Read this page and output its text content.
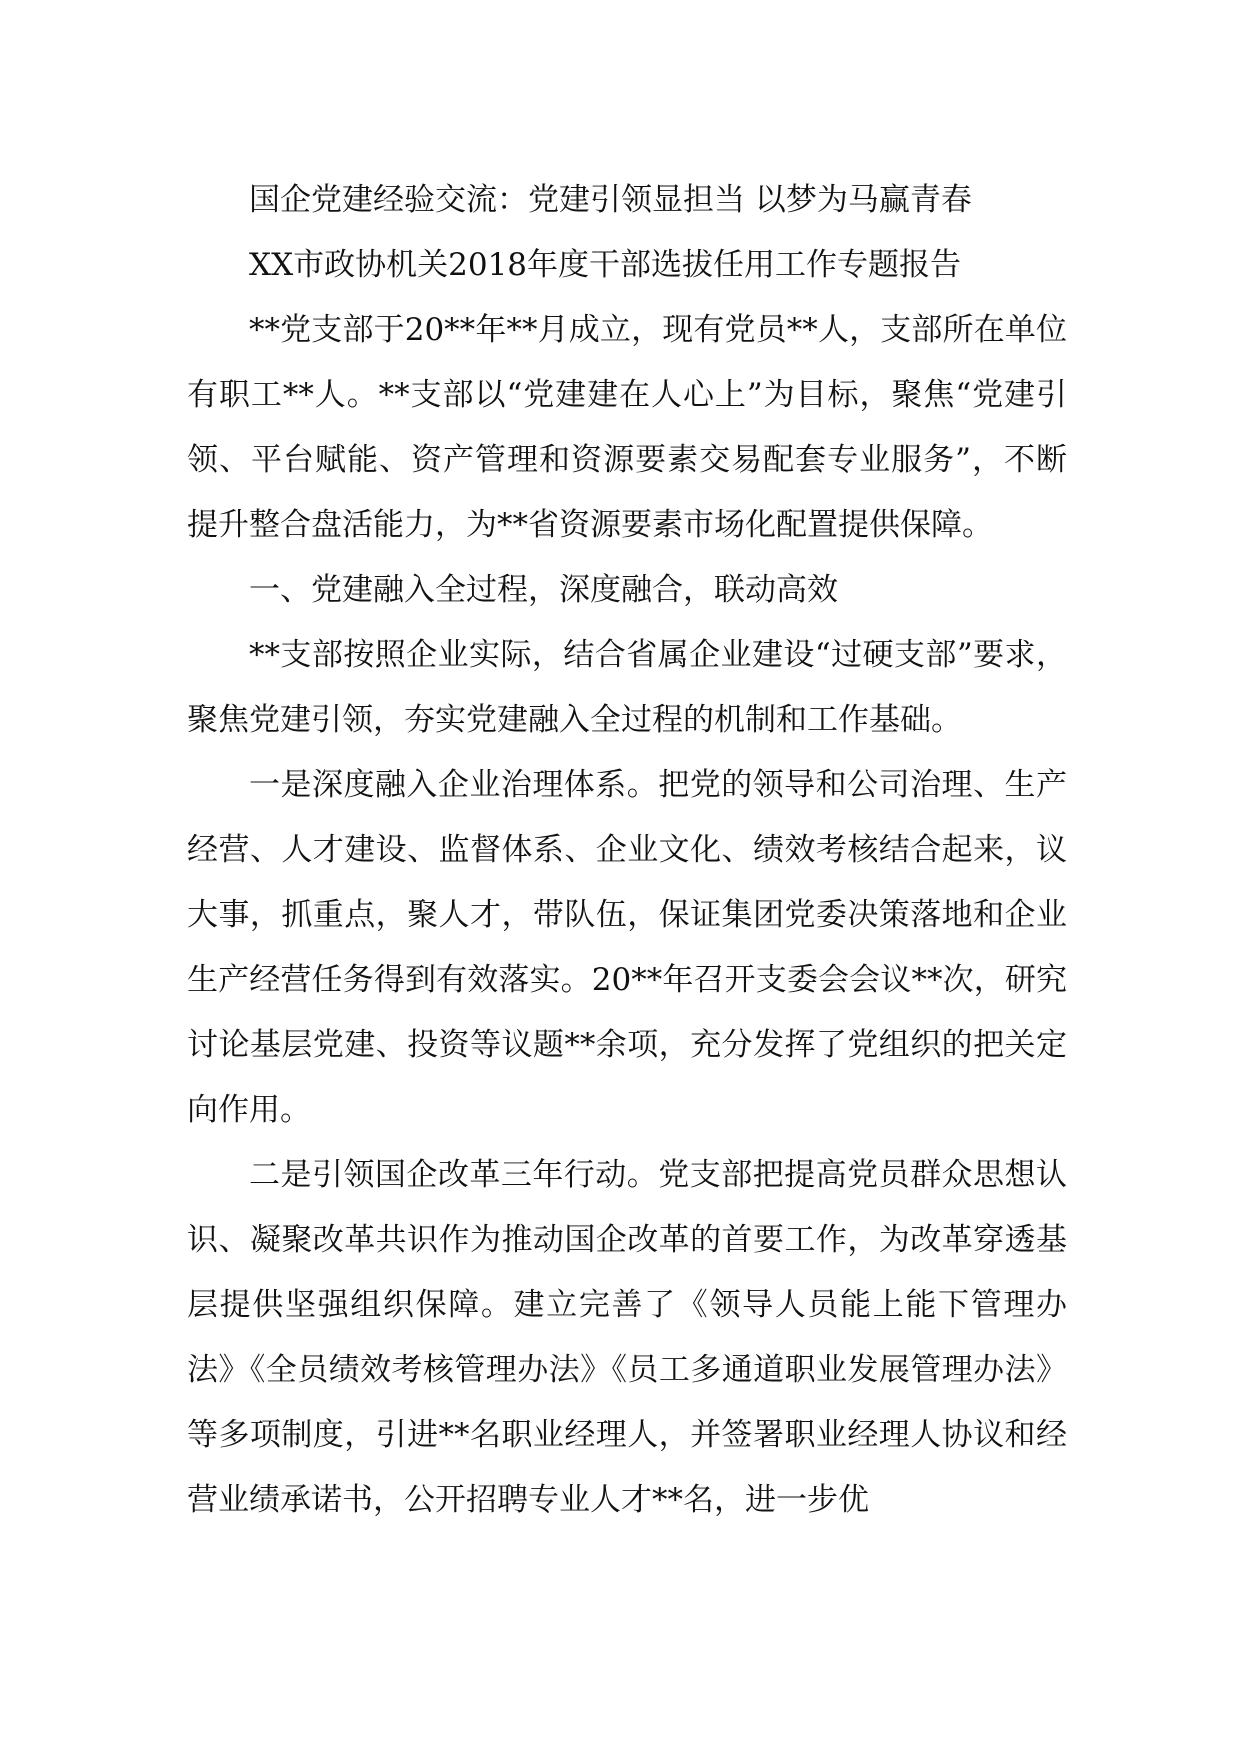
国企党建经验交流：党建引领显担当 以梦为马赢青春

XX市政协机关2018年度干部选拔任用工作专题报告

**党支部于20**年**月成立，现有党员**人，支部所在单位有职工**人。**支部以“党建建在人心上”为目标，聚焦“党建引领、平台赋能、资产管理和资源要素交易配套专业服务”，不断提升整合盘活能力，为**省资源要素市场化配置提供保障。

一、党建融入全过程，深度融合，联动高效

**支部按照企业实际，结合省属企业建设“过硬支部”要求，聚焦党建引领，夯实党建融入全过程的机制和工作基础。

一是深度融入企业治理体系。把党的领导和公司治理、生产经营、人才建设、监督体系、企业文化、绩效考核结合起来，议大事，抓重点，聚人才，带队伍，保证集团党委决策落地和企业生产经营任务得到有效落实。20**年召开支委会会议**次，研究讨论基层党建、投资等议题**余项，充分发挥了党组织的把关定向作用。

二是引领国企改革三年行动。党支部把提高党员群众思想认识、凝聚改革共识作为推动国企改革的首要工作，为改革穿透基层提供坚强组织保障。建立完善了《领导人员能上能下管理办法》《全员绩效考核管理办法》《员工多通道职业发展管理办法》等多项制度，引进**名职业经理人，并签署职业经理人协议和经营业绩承诺书，公开招聘专业人才**名，进一步优
